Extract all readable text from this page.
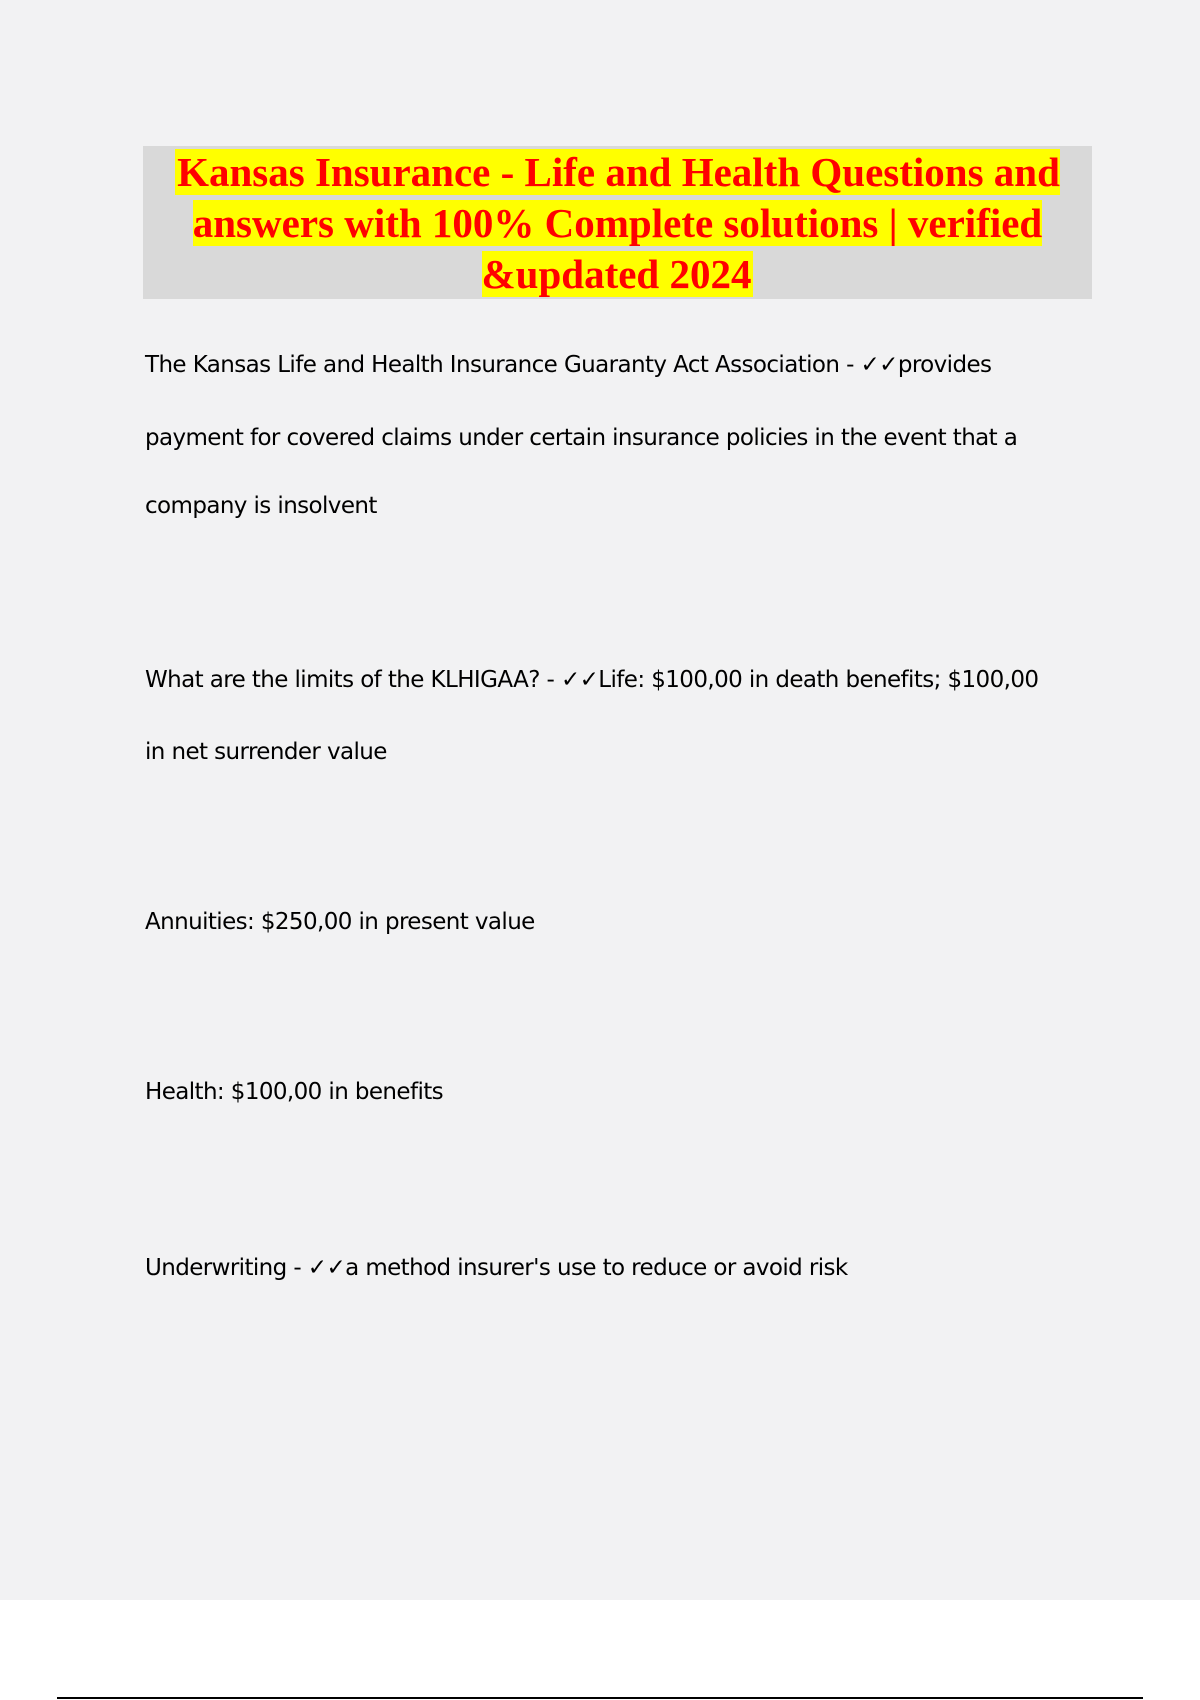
Kansas Insurance - Life and Health Questions and answers with 100% Complete solutions | verified &updated 2024

The Kansas Life and Health Insurance Guaranty Act Association - ✓✓provides

payment for covered claims under certain insurance policies in the event that a

company is insolvent

What are the limits of the KLHIGAA? - ✓✓Life: $100,00 in death benefits; $100,00

in net surrender value

Annuities: $250,00 in present value

Health: $100,00 in benefits

Underwriting - ✓✓a method insurer's use to reduce or avoid risk
